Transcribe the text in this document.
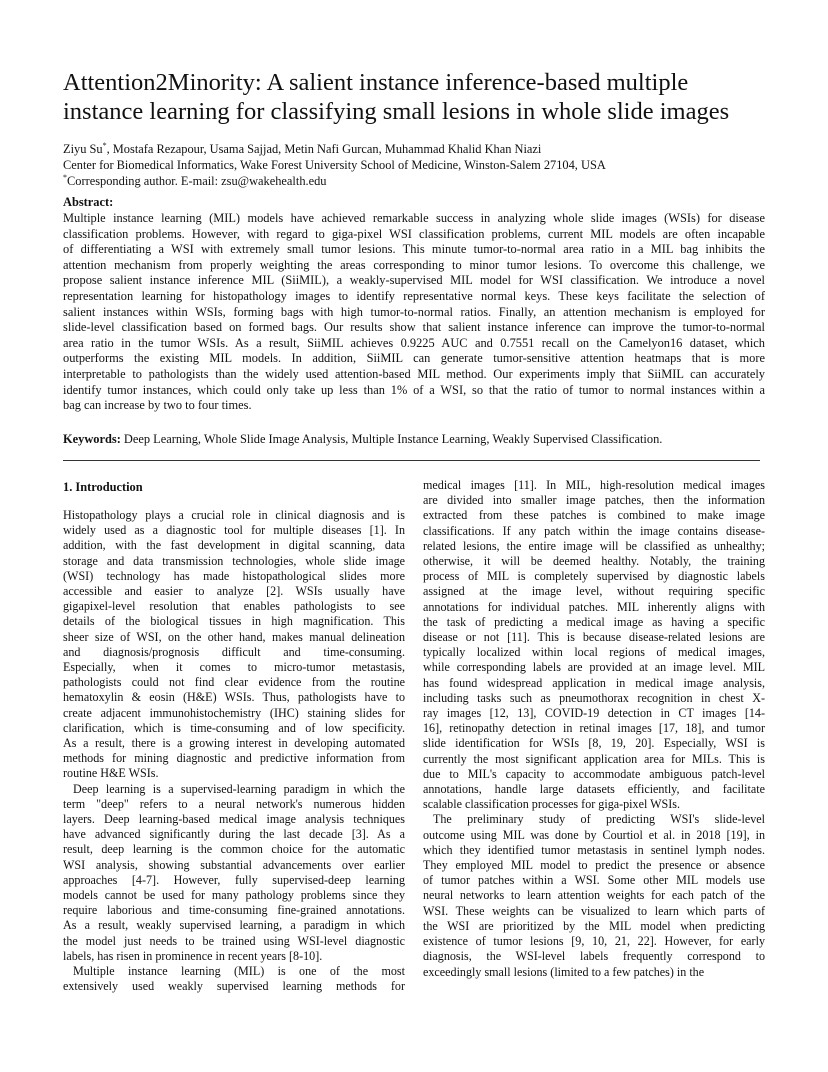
Attention2Minority: A salient instance inference-based multiple
instance learning for classifying small lesions in whole slide images
Ziyu Su*, Mostafa Rezapour, Usama Sajjad, Metin Nafi Gurcan, Muhammad Khalid Khan Niazi
Center for Biomedical Informatics, Wake Forest University School of Medicine, Winston-Salem 27104, USA
*Corresponding author. E-mail: zsu@wakehealth.edu
Abstract:
Multiple instance learning (MIL) models have achieved remarkable success in analyzing whole slide images (WSIs) for disease
classification problems. However, with regard to giga-pixel WSI classification problems, current MIL models are often incapable
of differentiating a WSI with extremely small tumor lesions. This minute tumor-to-normal area ratio in a MIL bag inhibits the
attention mechanism from properly weighting the areas corresponding to minor tumor lesions. To overcome this challenge, we
propose salient instance inference MIL (SiiMIL), a weakly-supervised MIL model for WSI classification. We introduce a novel
representation learning for histopathology images to identify representative normal keys. These keys facilitate the selection of
salient instances within WSIs, forming bags with high tumor-to-normal ratios. Finally, an attention mechanism is employed for
slide-level classification based on formed bags. Our results show that salient instance inference can improve the tumor-to-normal
area ratio in the tumor WSIs. As a result, SiiMIL achieves 0.9225 AUC and 0.7551 recall on the Camelyon16 dataset, which
outperforms the existing MIL models. In addition, SiiMIL can generate tumor-sensitive attention heatmaps that is more
interpretable to pathologists than the widely used attention-based MIL method. Our experiments imply that SiiMIL can accurately
identify tumor instances, which could only take up less than 1% of a WSI, so that the ratio of tumor to normal instances within a
bag can increase by two to four times.
Keywords: Deep Learning, Whole Slide Image Analysis, Multiple Instance Learning, Weakly Supervised Classification.
1. Introduction
Histopathology plays a crucial role in clinical diagnosis and is
widely used as a diagnostic tool for multiple diseases [1]. In
addition, with the fast development in digital scanning, data
storage and data transmission technologies, whole slide image
(WSI) technology has made histopathological slides more
accessible and easier to analyze [2]. WSIs usually have
gigapixel-level resolution that enables pathologists to see
details of the biological tissues in high magnification. This
sheer size of WSI, on the other hand, makes manual delineation
and diagnosis/prognosis difficult and time-consuming.
Especially, when it comes to micro-tumor metastasis,
pathologists could not find clear evidence from the routine
hematoxylin & eosin (H&E) WSIs. Thus, pathologists have to
create adjacent immunohistochemistry (IHC) staining slides for
clarification, which is time-consuming and of low specificity.
As a result, there is a growing interest in developing automated
methods for mining diagnostic and predictive information from
routine H&E WSIs.
Deep learning is a supervised-learning paradigm in which the
term "deep" refers to a neural network's numerous hidden
layers. Deep learning-based medical image analysis techniques
have advanced significantly during the last decade [3]. As a
result, deep learning is the common choice for the automatic
WSI analysis, showing substantial advancements over earlier
approaches [4-7]. However, fully supervised-deep learning
models cannot be used for many pathology problems since they
require laborious and time-consuming fine-grained annotations.
As a result, weakly supervised learning, a paradigm in which
the model just needs to be trained using WSI-level diagnostic
labels, has risen in prominence in recent years [8-10].
Multiple instance learning (MIL) is one of the most
extensively used weakly supervised learning methods for
medical images [11]. In MIL, high-resolution medical images
are divided into smaller image patches, then the information
extracted from these patches is combined to make image
classifications. If any patch within the image contains disease-
related lesions, the entire image will be classified as unhealthy;
otherwise, it will be deemed healthy. Notably, the training
process of MIL is completely supervised by diagnostic labels
assigned at the image level, without requiring specific
annotations for individual patches. MIL inherently aligns with
the task of predicting a medical image as having a specific
disease or not [11]. This is because disease-related lesions are
typically localized within local regions of medical images,
while corresponding labels are provided at an image level. MIL
has found widespread application in medical image analysis,
including tasks such as pneumothorax recognition in chest X-
ray images [12, 13], COVID-19 detection in CT images [14-
16], retinopathy detection in retinal images [17, 18], and tumor
slide identification for WSIs [8, 19, 20]. Especially, WSI is
currently the most significant application area for MILs. This is
due to MIL's capacity to accommodate ambiguous patch-level
annotations, handle large datasets efficiently, and facilitate
scalable classification processes for giga-pixel WSIs.
The preliminary study of predicting WSI's slide-level
outcome using MIL was done by Courtiol et al. in 2018 [19], in
which they identified tumor metastasis in sentinel lymph nodes.
They employed MIL model to predict the presence or absence
of tumor patches within a WSI. Some other MIL models use
neural networks to learn attention weights for each patch of the
WSI. These weights can be visualized to learn which parts of
the WSI are prioritized by the MIL model when predicting
existence of tumor lesions [9, 10, 21, 22]. However, for early
diagnosis, the WSI-level labels frequently correspond to
exceedingly small lesions (limited to a few patches) in the
